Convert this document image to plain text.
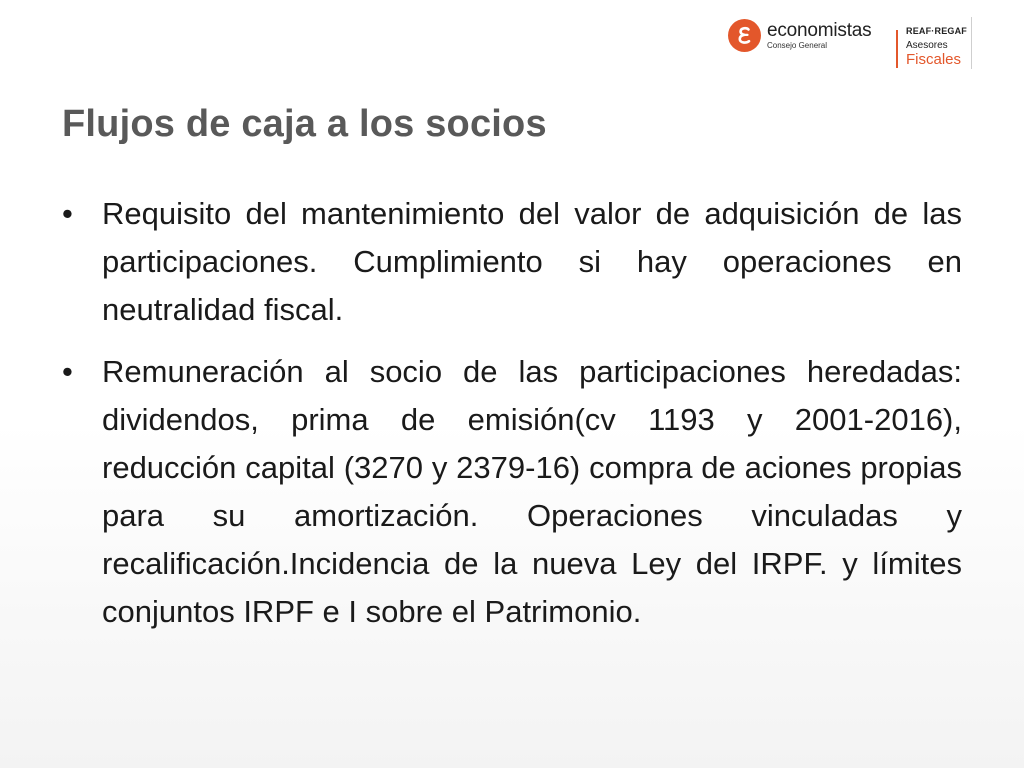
economistas
Consejo General
REAF·REGAF
Asesores
Fiscales
Flujos de caja a los socios
• Requisito del mantenimiento del valor de adquisición de las participaciones. Cumplimiento si hay operaciones en neutralidad fiscal.
• Remuneración al socio de las participaciones heredadas: dividendos, prima de emisión(cv 1193 y 2001-2016), reducción capital (3270 y 2379-16) compra de aciones propias para su amortización. Operaciones vinculadas y recalificación.Incidencia de la nueva Ley del IRPF. y límites conjuntos IRPF e I sobre el Patrimonio.
